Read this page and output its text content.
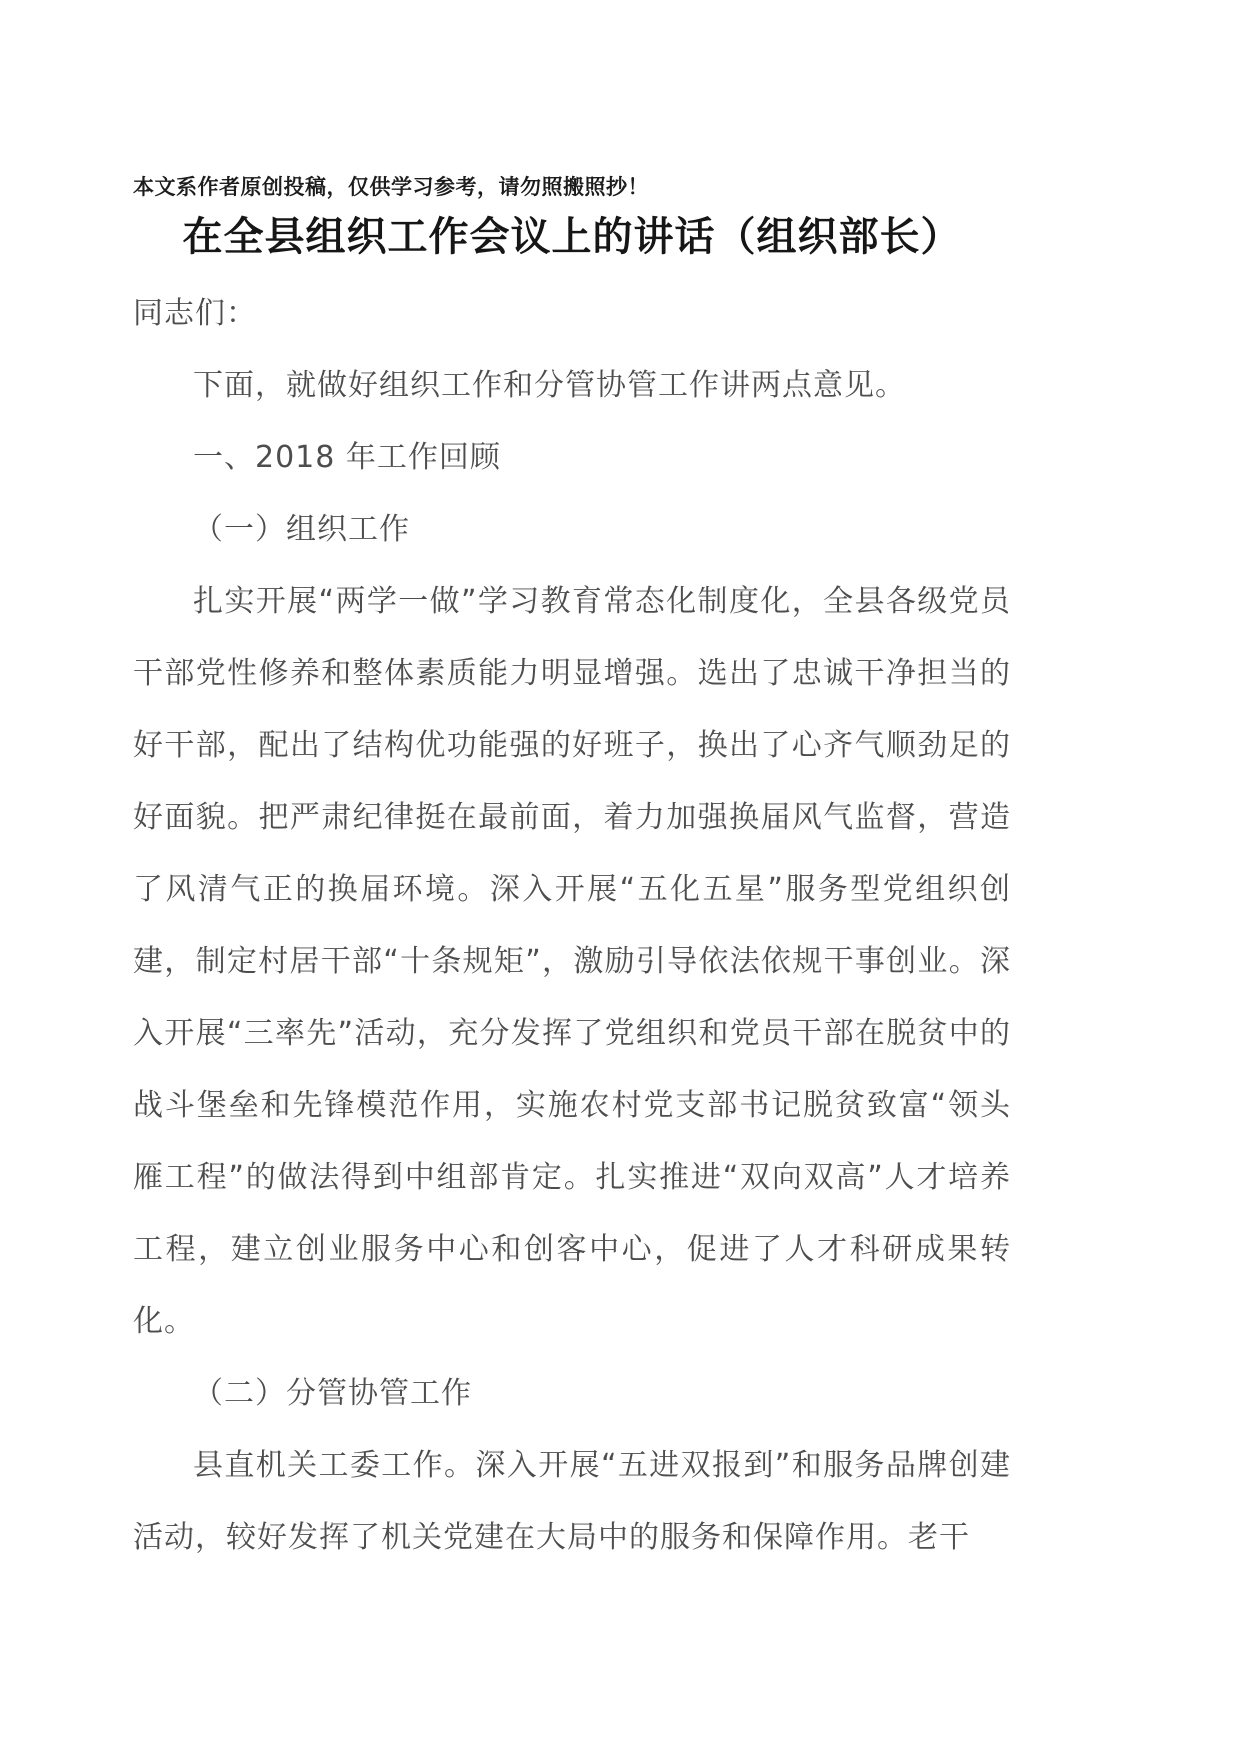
本文系作者原创投稿，仅供学习参考，请勿照搬照抄！

在全县组织工作会议上的讲话（组织部长）

同志们：

下面，就做好组织工作和分管协管工作讲两点意见。

一、2018 年工作回顾

（一）组织工作

扎实开展“两学一做”学习教育常态化制度化，全县各级党员干部党性修养和整体素质能力明显增强。选出了忠诚干净担当的好干部，配出了结构优功能强的好班子，换出了心齐气顺劲足的好面貌。把严肃纪律挺在最前面，着力加强换届风气监督，营造了风清气正的换届环境。深入开展“五化五星”服务型党组织创建，制定村居干部“十条规矩”，激励引导依法依规干事创业。深入开展“三率先”活动，充分发挥了党组织和党员干部在脱贫中的战斗堡垒和先锋模范作用，实施农村党支部书记脱贫致富“领头雁工程”的做法得到中组部肯定。扎实推进“双向双高”人才培养工程，建立创业服务中心和创客中心，促进了人才科研成果转化。

（二）分管协管工作

县直机关工委工作。深入开展“五进双报到”和服务品牌创建活动，较好发挥了机关党建在大局中的服务和保障作用。老干
